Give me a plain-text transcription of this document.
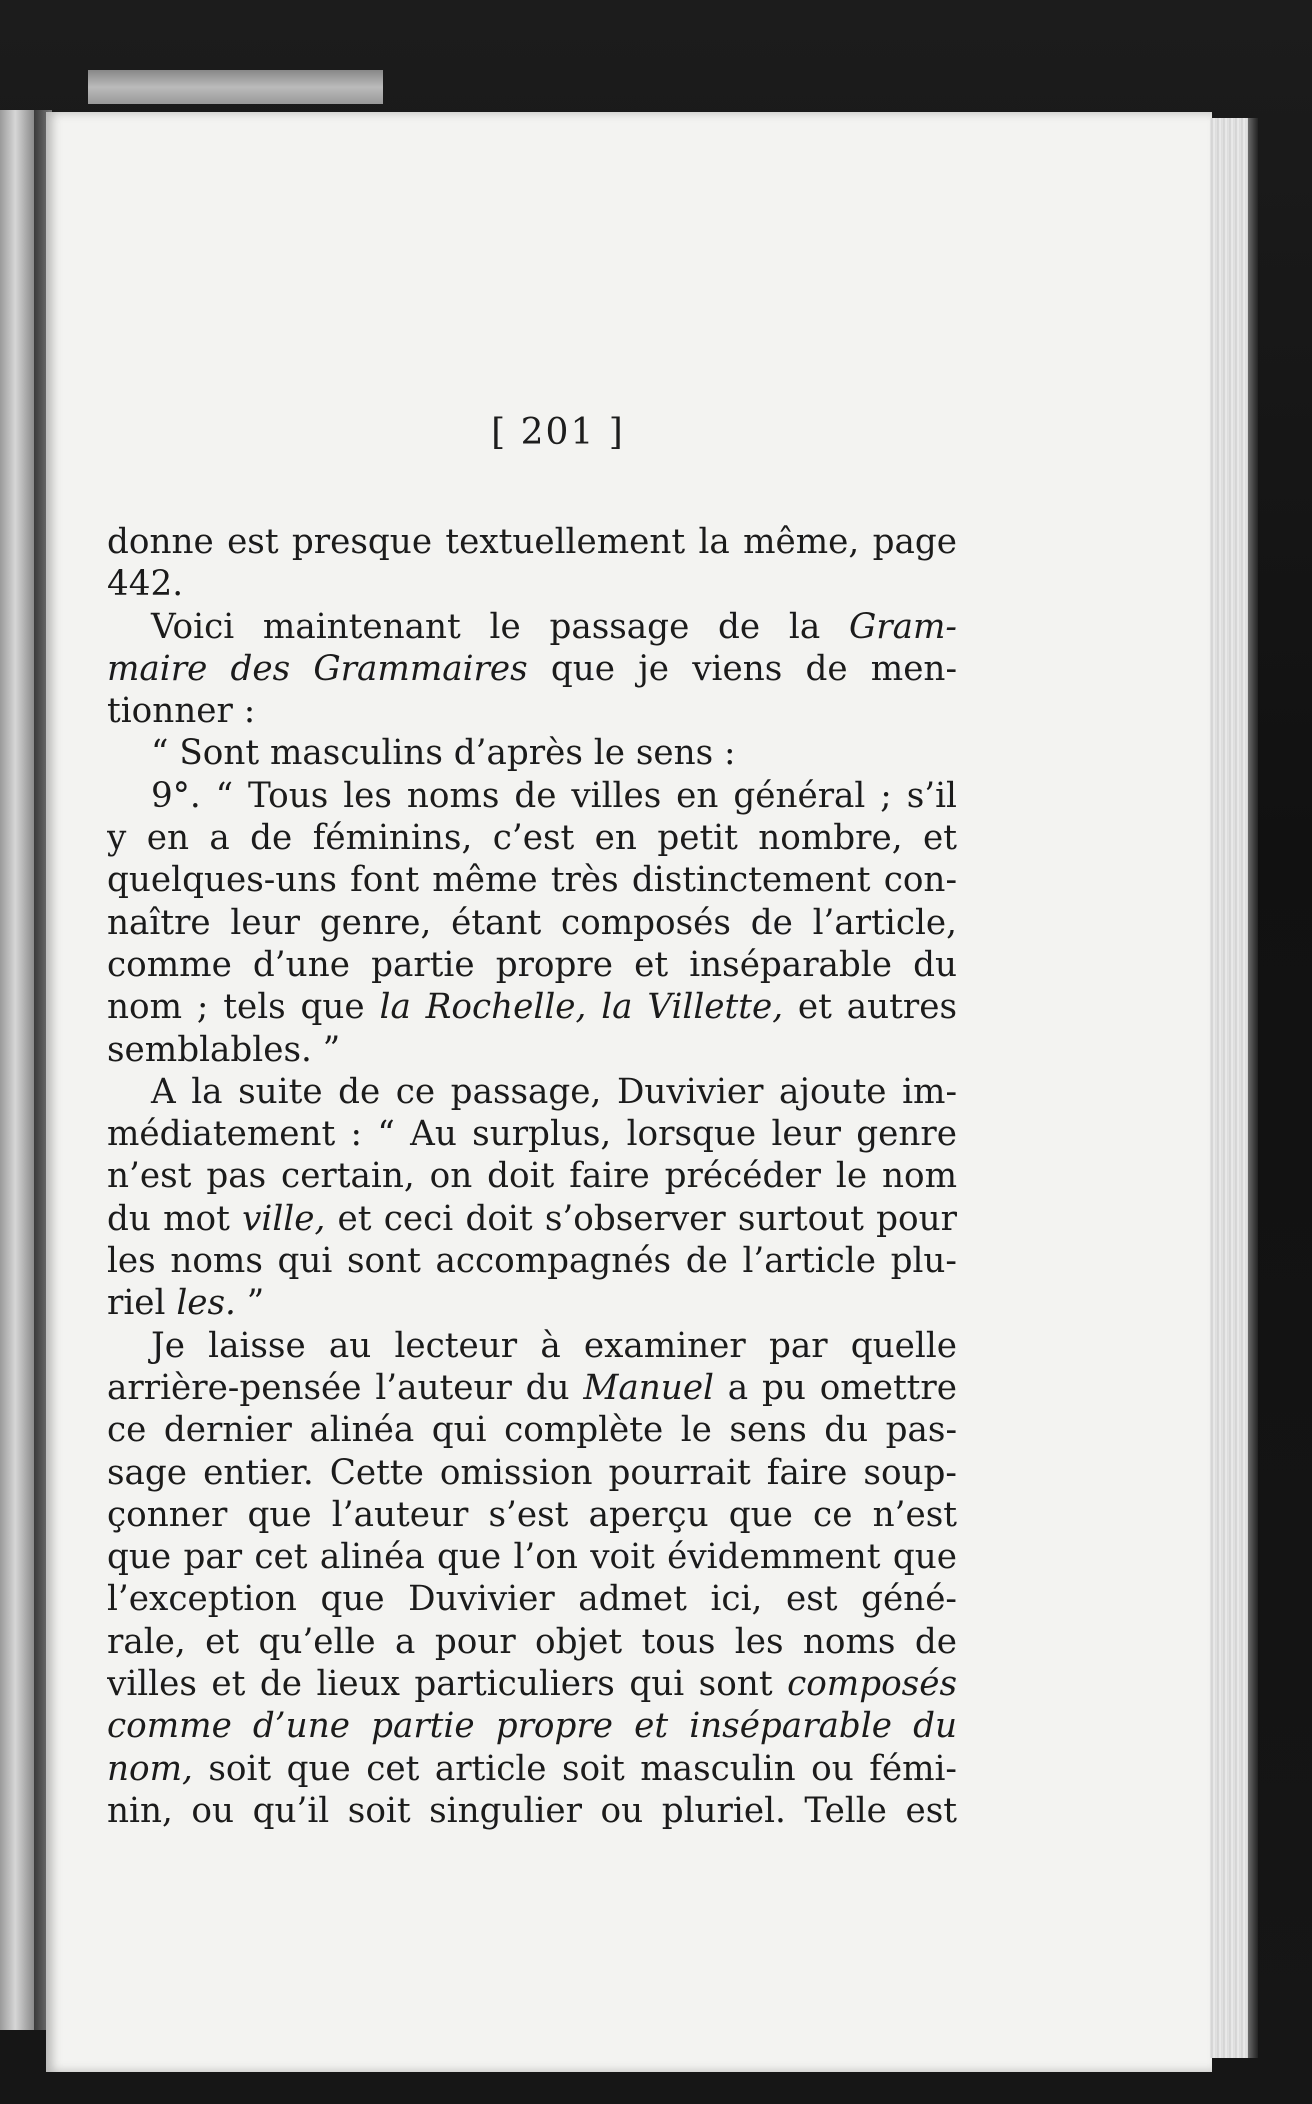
[ 201 ]
donne est presque textuellement la même, page
442.
Voici maintenant le passage de la Gram-
maire des Grammaires que je viens de men-
tionner :
“ Sont masculins d’après le sens :
9°. “ Tous les noms de villes en général ; s’il
y en a de féminins, c’est en petit nombre, et
quelques-uns font même très distinctement con-
naître leur genre, étant composés de l’article,
comme d’une partie propre et inséparable du
nom ; tels que la Rochelle, la Villette, et autres
semblables. ”
A la suite de ce passage, Duvivier ajoute im-
médiatement : “ Au surplus, lorsque leur genre
n’est pas certain, on doit faire précéder le nom
du mot ville, et ceci doit s’observer surtout pour
les noms qui sont accompagnés de l’article plu-
riel les. ”
Je laisse au lecteur à examiner par quelle
arrière-pensée l’auteur du Manuel a pu omettre
ce dernier alinéa qui complète le sens du pas-
sage entier. Cette omission pourrait faire soup-
çonner que l’auteur s’est aperçu que ce n’est
que par cet alinéa que l’on voit évidemment que
l’exception que Duvivier admet ici, est géné-
rale, et qu’elle a pour objet tous les noms de
villes et de lieux particuliers qui sont composés
comme d’une partie propre et inséparable du
nom, soit que cet article soit masculin ou fémi-
nin, ou qu’il soit singulier ou pluriel. Telle est
